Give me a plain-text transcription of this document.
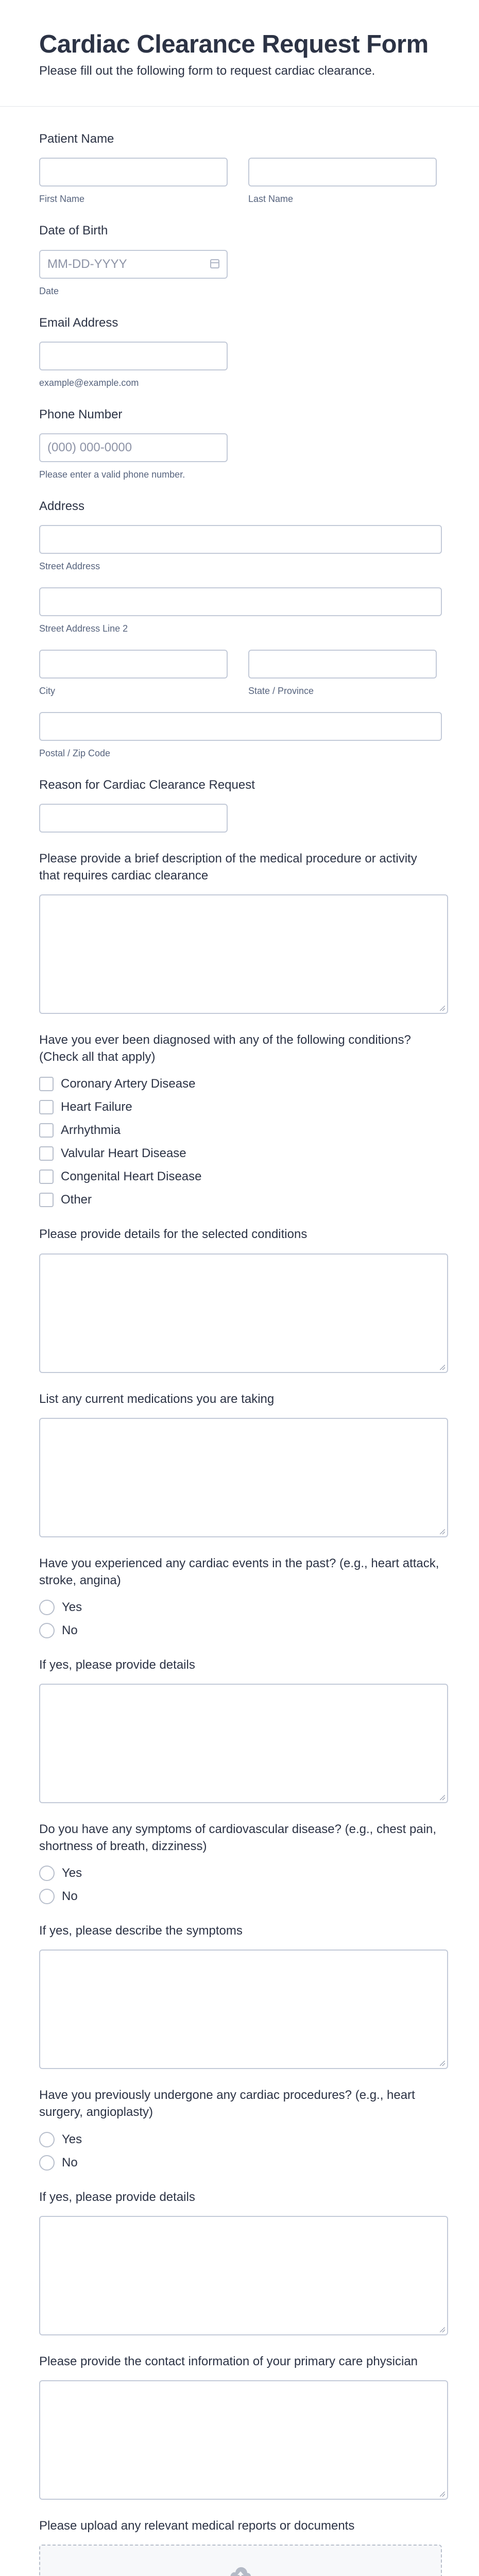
Cardiac Clearance Request Form

Please fill out the following form to request cardiac clearance.

Patient Name
First Name	Last Name
Date of Birth
MM-DD-YYYY
Date
Email Address
example@example.com
Phone Number
(000) 000-0000
Please enter a valid phone number.
Address
Street Address
Street Address Line 2
City	State / Province
Postal / Zip Code
Reason for Cardiac Clearance Request
Please provide a brief description of the medical procedure or activity that requires cardiac clearance
Have you ever been diagnosed with any of the following conditions? (Check all that apply)
Coronary Artery Disease
Heart Failure
Arrhythmia
Valvular Heart Disease
Congenital Heart Disease
Other
Please provide details for the selected conditions
List any current medications you are taking
Have you experienced any cardiac events in the past? (e.g., heart attack, stroke, angina)
Yes
No
If yes, please provide details
Do you have any symptoms of cardiovascular disease? (e.g., chest pain, shortness of breath, dizziness)
Yes
No
If yes, please describe the symptoms
Have you previously undergone any cardiac procedures? (e.g., heart surgery, angioplasty)
Yes
No
If yes, please provide details
Please provide the contact information of your primary care physician
Please upload any relevant medical reports or documents
